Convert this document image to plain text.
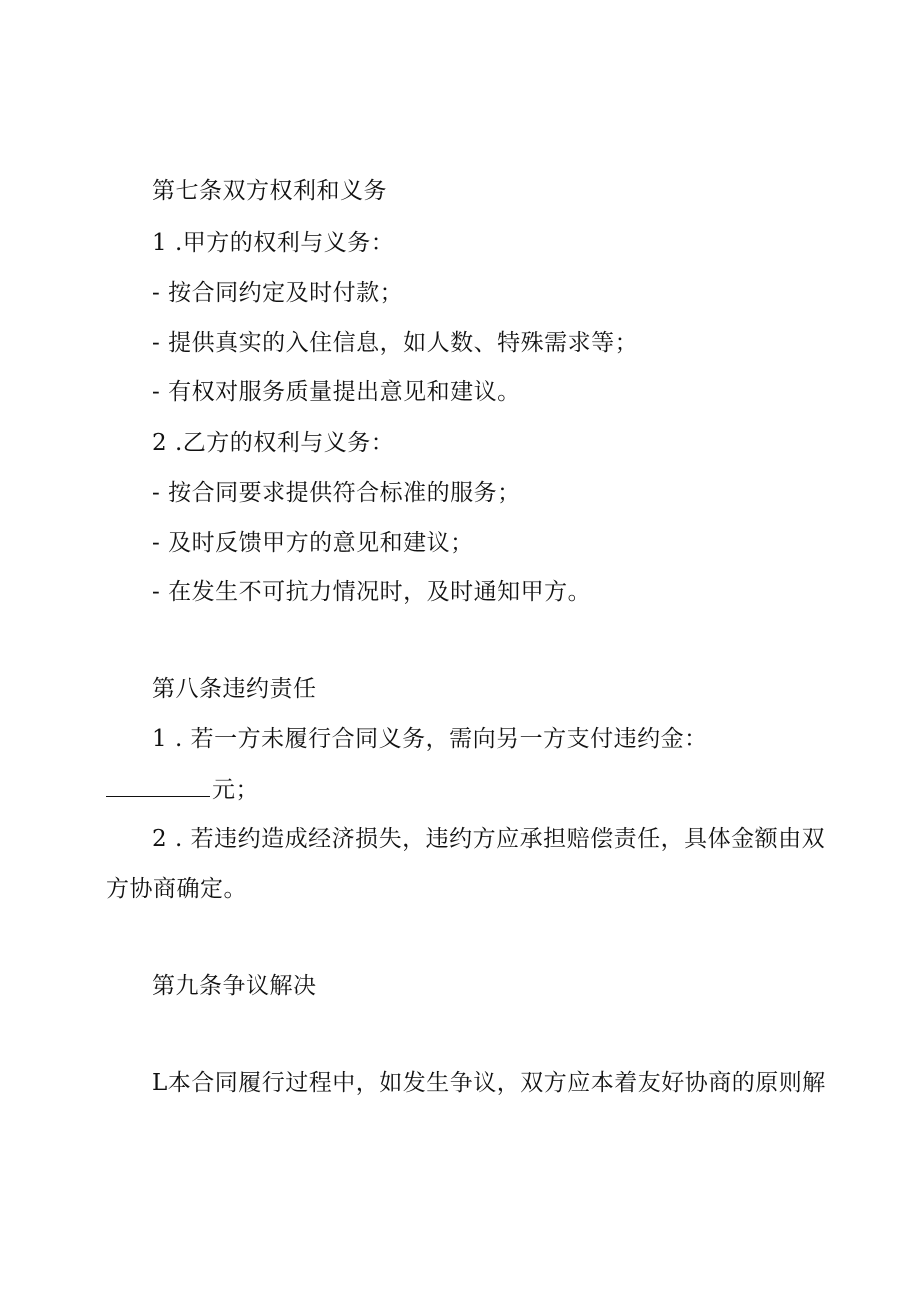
第七条双方权利和义务
1 .甲方的权利与义务：
- 按合同约定及时付款；
- 提供真实的入住信息，如人数、特殊需求等；
- 有权对服务质量提出意见和建议。
2 .乙方的权利与义务：
- 按合同要求提供符合标准的服务；
- 及时反馈甲方的意见和建议；
- 在发生不可抗力情况时，及时通知甲方。
第八条违约责任
1 . 若一方未履行合同义务，需向另一方支付违约金：
元；
2 . 若违约造成经济损失，违约方应承担赔偿责任，具体金额由双
方协商确定。
第九条争议解决
L本合同履行过程中，如发生争议，双方应本着友好协商的原则解
